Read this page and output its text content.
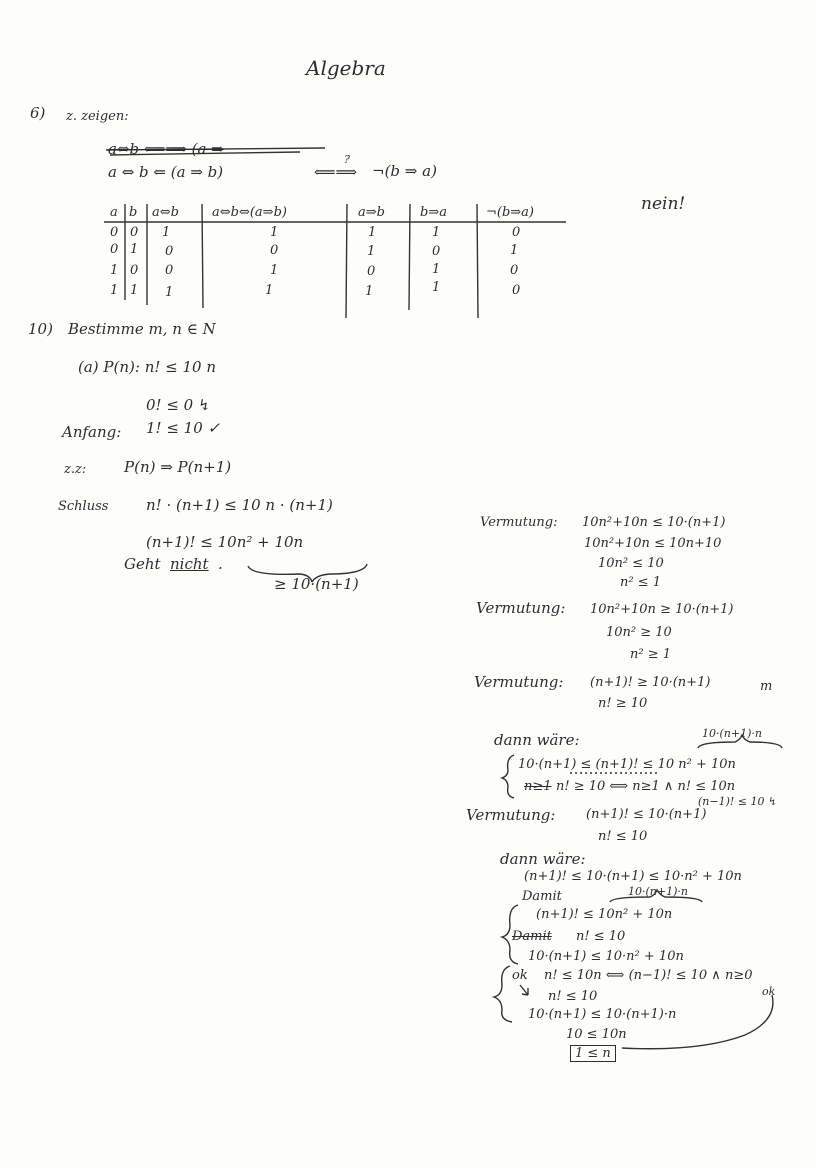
Algebra
6) z. zeigen:
a⇔b ⟸⟹ (a ⇒
a ⇔ b ⇐ (a ⇒ b)	⟸⟹
?
¬(b ⇒ a)
nein!
a b a⇔b	a⇔b⇔(a⇒b)	a⇒b	b⇒a	¬(b⇒a)
0 0 1	1	1	1	0
0 1 0	0	1	0	1
1 0 0	1	0	1	0
1 1 1	1	1	1	0
10) Bestimme m, n ∈ N
(a) P(n): n! ≤ 10 n
0! ≤ 0 ↯
Anfang: 1! ≤ 10 ✓
z.z:	P(n) ⇒ P(n+1)
Schluss	n! · (n+1) ≤ 10 n · (n+1)
(n+1)! ≤ 10n² + 10n
Geht nicht .
≥ 10·(n+1)
Vermutung: 10n²+10n ≤ 10·(n+1)
10n²+10n ≤ 10n+10
10n² ≤ 10
n² ≤ 1
Vermutung: 10n²+10n ≥ 10·(n+1)
10n² ≥ 10
n² ≥ 1
Vermutung: (n+1)! ≥ 10·(n+1)	m
n! ≥ 10
dann wäre:	10·(n+1)·n
10·(n+1) ≤ (n+1)! ≤ 10 n² + 10n
n≥1 n! ≥ 10 ⟺ n≥1 ∧ n! ≤ 10n
(n−1)! ≤ 10 ↯
Vermutung: (n+1)! ≤ 10·(n+1)
n! ≤ 10
dann wäre:
(n+1)! ≤ 10·(n+1) ≤ 10·n² + 10n
Damit	10·(n+1)·n
(n+1)! ≤ 10n² + 10n
Damit n! ≤ 10
10·(n+1) ≤ 10·n² + 10n
ok n! ≤ 10n ⟺ (n−1)! ≤ 10 ∧ n≥0
ok
n! ≤ 10
10·(n+1) ≤ 10·(n+1)·n
10 ≤ 10n
1 ≤ n
